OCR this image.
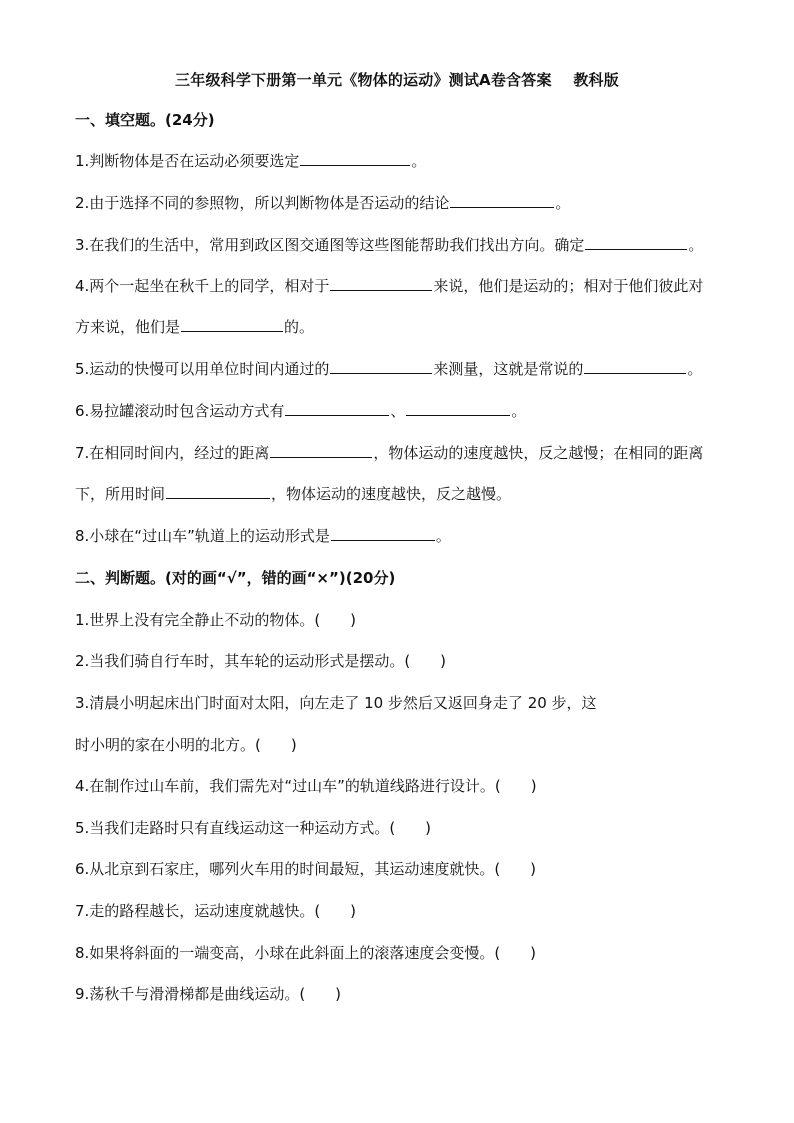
三年级科学下册第一单元《物体的运动》测试A卷含答案    教科版
一、填空题。(24分)
1.判断物体是否在运动必须要选定	。
2.由于选择不同的参照物，所以判断物体是否运动的结论	。
3.在我们的生活中，常用到政区图交通图等这些图能帮助我们找出方向。确定	。
4.两个一起坐在秋千上的同学，相对于	来说，他们是运动的；相对于他们彼此对
方来说，他们是	的。
5.运动的快慢可以用单位时间内通过的	来测量，这就是常说的	。
6.易拉罐滚动时包含运动方式有	、	。
7.在相同时间内，经过的距离	，物体运动的速度越快，反之越慢；在相同的距离
下，所用时间	，物体运动的速度越快，反之越慢。
8.小球在“过山车”轨道上的运动形式是	。
二、判断题。(对的画“√”，错的画“×”)(20分)
1.世界上没有完全静止不动的物体。(　　)
2.当我们骑自行车时，其车轮的运动形式是摆动。(　　)
3.清晨小明起床出门时面对太阳，向左走了 10 步然后又返回身走了 20 步，这
时小明的家在小明的北方。(　　)
4.在制作过山车前，我们需先对“过山车”的轨道线路进行设计。(　　)
5.当我们走路时只有直线运动这一种运动方式。(　　)
6.从北京到石家庄，哪列火车用的时间最短，其运动速度就快。(　　)
7.走的路程越长，运动速度就越快。(　　)
8.如果将斜面的一端变高，小球在此斜面上的滚落速度会变慢。(　　)
9.荡秋千与滑滑梯都是曲线运动。(　　)
